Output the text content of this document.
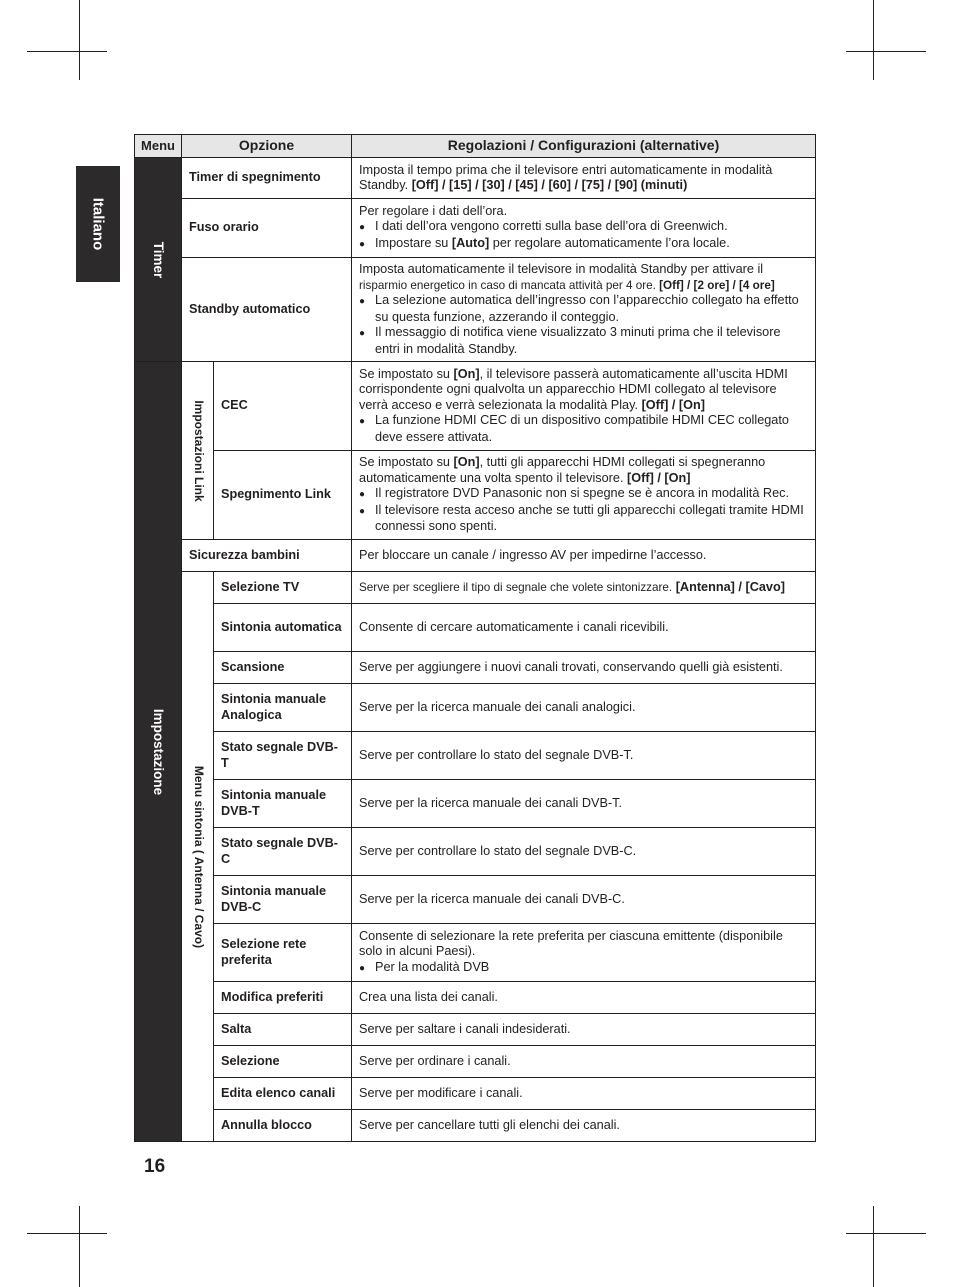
Italiano
Menu	Opzione		Regolazioni / Configurazioni (alternative)

Timer	Timer di spegnimento		Imposta il tempo prima che il televisore entri automaticamente in modalità
Standby. [Off] / [15] / [30] / [45] / [60] / [75] / [90] (minuti)

	Fuso orario		Per regolare i dati dell’ora.
● I dati dell’ora vengono corretti sulla base dell’ora di Greenwich.
● Impostare su [Auto] per regolare automaticamente l’ora locale.

	Standby automatico		Imposta automaticamente il televisore in modalità Standby per attivare il
risparmio energetico in caso di mancata attività per 4 ore. [Off] / [2 ore] / [4 ore]
● La selezione automatica dell’ingresso con l’apparecchio collegato ha effetto su questa funzione, azzerando il conteggio.
● Il messaggio di notifica viene visualizzato 3 minuti prima che il televisore entri in modalità Standby.

Impostazione	Impostazioni Link	CEC	Se impostato su [On], il televisore passerà automaticamente all’uscita HDMI
corrispondente ogni qualvolta un apparecchio HDMI collegato al televisore
verrà acceso e verrà selezionata la modalità Play. [Off] / [On]
● La funzione HDMI CEC di un dispositivo compatibile HDMI CEC collegato deve essere attivata.

		Spegnimento Link	Se impostato su [On], tutti gli apparecchi HDMI collegati si spegneranno
automaticamente una volta spento il televisore. [Off] / [On]
● Il registratore DVD Panasonic non si spegne se è ancora in modalità Rec.
● Il televisore resta acceso anche se tutti gli apparecchi collegati tramite HDMI connessi sono spenti.

	Sicurezza bambini		Per bloccare un canale / ingresso AV per impedirne l’accesso.

	Menu sintonia ( Antenna / Cavo)	Selezione TV	Serve per scegliere il tipo di segnale che volete sintonizzare. [Antenna] / [Cavo]
		Sintonia automatica	Consente di cercare automaticamente i canali ricevibili.
		Scansione	Serve per aggiungere i nuovi canali trovati, conservando quelli già esistenti.
		Sintonia manuale Analogica	Serve per la ricerca manuale dei canali analogici.
		Stato segnale DVB-T	Serve per controllare lo stato del segnale DVB-T.
		Sintonia manuale DVB-T	Serve per la ricerca manuale dei canali DVB-T.
		Stato segnale DVB-C	Serve per controllare lo stato del segnale DVB-C.
		Sintonia manuale DVB-C	Serve per la ricerca manuale dei canali DVB-C.
		Selezione rete preferita	Consente di selezionare la rete preferita per ciascuna emittente (disponibile solo in alcuni Paesi).
● Per la modalità DVB

		Modifica preferiti	Crea una lista dei canali.
		Salta	Serve per saltare i canali indesiderati.
		Selezione	Serve per ordinare i canali.
		Edita elenco canali	Serve per modificare i canali.
		Annulla blocco	Serve per cancellare tutti gli elenchi dei canali.
16
